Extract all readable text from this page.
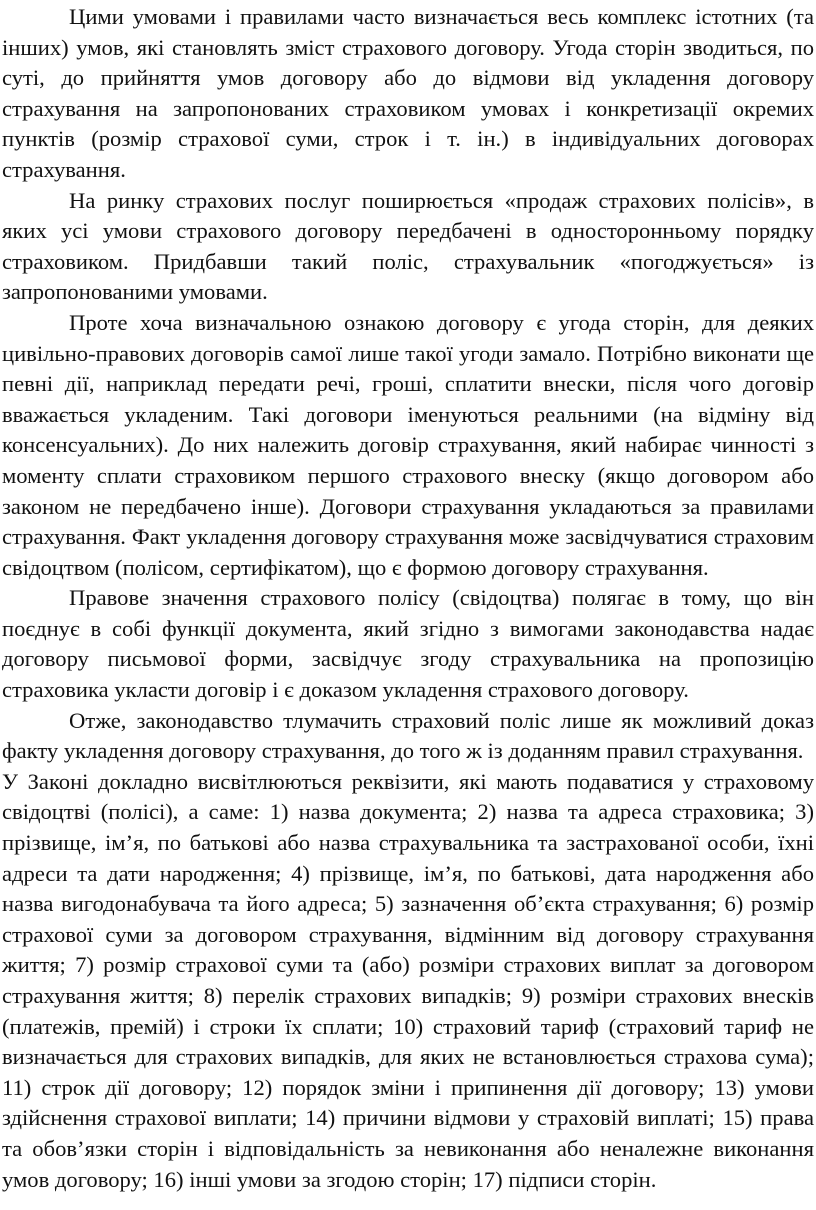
Цими умовами і правилами часто визначається весь комплекс істотних (та інших) умов, які становлять зміст страхового договору. Угода сторін зводиться, по суті, до прийняття умов договору або до відмови від укладення договору страхування на запропонованих страховиком умовах і конкретизації окремих пунктів (розмір страхової суми, строк і т. ін.) в індивідуальних договорах страхування.

На ринку страхових послуг поширюється «продаж страхових полісів», в яких усі умови страхового договору передбачені в односторонньому порядку страховиком. Придбавши такий поліс, страхувальник «погоджується» із запропонованими умовами.

Проте хоча визначальною ознакою договору є угода сторін, для деяких цивільно-правових договорів самої лише такої угоди замало. Потрібно виконати ще певні дії, наприклад передати речі, гроші, сплатити внески, після чого договір вважається укладеним. Такі договори іменуються реальними (на відміну від консенсуальних). До них належить договір страхування, який набирає чинності з моменту сплати страховиком першого страхового внеску (якщо договором або законом не передбачено інше). Договори страхування укладаються за правилами страхування. Факт укладення договору страхування може засвідчуватися страховим свідоцтвом (полісом, сертифікатом), що є формою договору страхування.

Правове значення страхового полісу (свідоцтва) полягає в тому, що він поєднує в собі функції документа, який згідно з вимогами законодавства надає договору письмової форми, засвідчує згоду страхувальника на пропозицію страховика укласти договір і є доказом укладення страхового договору.

Отже, законодавство тлумачить страховий поліс лише як можливий доказ факту укладення договору страхування, до того ж із доданням правил страхування.

У Законі докладно висвітлюються реквізити, які мають подаватися у страховому свідоцтві (полісі), а саме: 1) назва документа; 2) назва та адреса страховика; 3) прізвище, ім’я, по батькові або назва страхувальника та застрахованої особи, їхні адреси та дати народження; 4) прізвище, ім’я, по батькові, дата народження або назва вигодонабувача та його адреса; 5) зазначення об’єкта страхування; 6) розмір страхової суми за договором страхування, відмінним від договору страхування життя; 7) розмір страхової суми та (або) розміри страхових виплат за договором страхування життя; 8) перелік страхових випадків; 9) розміри страхових внесків (платежів, премій) і строки їх сплати; 10) страховий тариф (страховий тариф не визначається для страхових випадків, для яких не встановлюється страхова сума); 11) строк дії договору; 12) порядок зміни і припинення дії договору; 13) умови здійснення страхової виплати; 14) причини відмови у страховій виплаті; 15) права та обов’язки сторін і відповідальність за невиконання або неналежне виконання умов договору; 16) інші умови за згодою сторін; 17) підписи сторін.
